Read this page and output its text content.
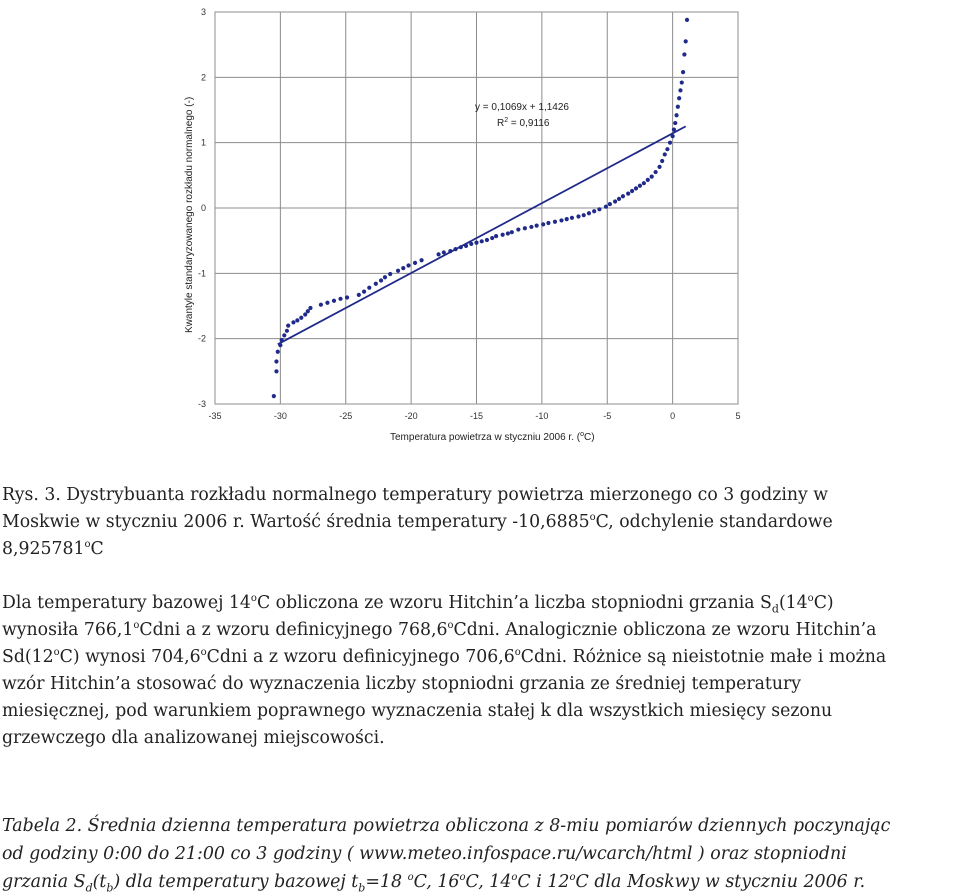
-35	-30	-25	-20	-15	-10	-5	0	5
-3
-2
-1
0
1
2
3
y = 0,1069x + 1,1426
$R^2 = 0,9116$
Temperatura powietrza w styczniu 2006 r. ($^o$C)
Kwantyle standaryzowanego rozkładu normalnego (-)

Rys. 3. Dystrybuanta rozkładu normalnego temperatury powietrza mierzonego co 3 godziny w
Moskwie w styczniu 2006 r. Wartość średnia temperatury -10,6885$^o$C, odchylenie standardowe
8,925781$^o$C

Dla temperatury bazowej 14$^o$C obliczona ze wzoru Hitchin’a liczba stopniodni grzania $S_d(14^oC)$
wynosiła 766,1$^o$Cdni a z wzoru definicyjnego 768,6$^o$Cdni. Analogicznie obliczona ze wzoru Hitchin’a
Sd(12$^o$C) wynosi 704,6$^o$Cdni a z wzoru definicyjnego 706,6$^o$Cdni. Różnice są nieistotnie małe i można
wzór Hitchin’a stosować do wyznaczenia liczby stopniodni grzania ze średniej temperatury
miesięcznej, pod warunkiem poprawnego wyznaczenia stałej k dla wszystkich miesięcy sezonu
grzewczego dla analizowanej miejscowości.

Tabela 2. Średnia dzienna temperatura powietrza obliczona z 8-miu pomiarów dziennych poczynając
od godziny 0:00 do 21:00 co 3 godziny ( www.meteo.infospace.ru/wcarch/html ) oraz stopniodni
grzania $S_d(t_b)$ dla temperatury bazowej $t_b=18$ $^o$C, 16$^o$C, 14$^o$C i 12$^o$C dla Moskwy w styczniu 2006 r.
